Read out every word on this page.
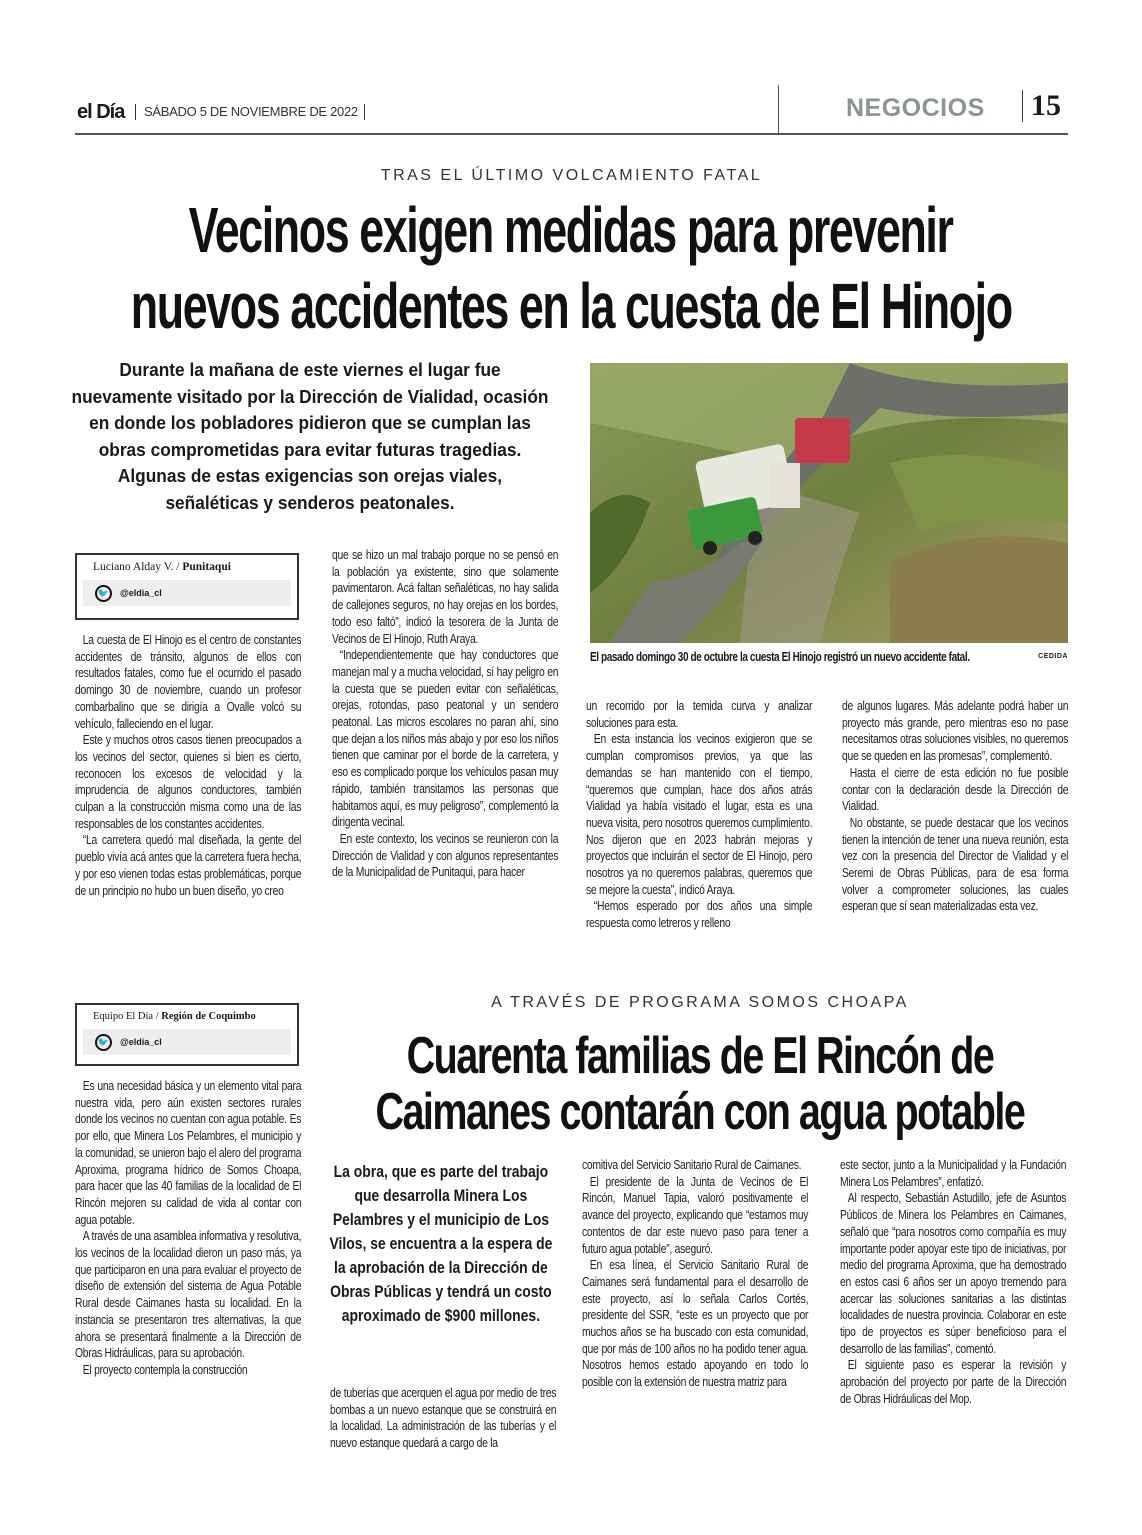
el Día	SÁBADO 5 DE NOVIEMBRE DE 2022	NEGOCIOS	15
TRAS EL ÚLTIMO VOLCAMIENTO FATAL
Vecinos exigen medidas para prevenir
nuevos accidentes en la cuesta de El Hinojo
Durante la mañana de este viernes el lugar fue nuevamente visitado por la Dirección de Vialidad, ocasión en donde los pobladores pidieron que se cumplan las obras comprometidas para evitar futuras tragedias. Algunas de estas exigencias son orejas viales, señaléticas y senderos peatonales.
El pasado domingo 30 de octubre la cuesta El Hinojo registró un nuevo accidente fatal.	CEDIDA
Luciano Alday V. / Punitaqui
🐦	@eldia_cl

La cuesta de El Hinojo es el centro de constantes accidentes de tránsito, algunos de ellos con resultados fatales, como fue el ocurrido el pasado domingo 30 de noviembre, cuando un profesor combarbalino que se dirigía a Ovalle volcó su vehículo, falleciendo en el lugar.

Este y muchos otros casos tienen preocupados a los vecinos del sector, quienes si bien es cierto, reconocen los excesos de velocidad y la imprudencia de algunos conductores, también culpan a la construcción misma como una de las responsables de los constantes accidentes.

“La carretera quedó mal diseñada, la gente del pueblo vivía acá antes que la carretera fuera hecha, y por eso vienen todas estas problemáticas, porque de un principio no hubo un buen diseño, yo creo

que se hizo un mal trabajo porque no se pensó en la población ya existente, sino que solamente pavimentaron. Acá faltan señaléticas, no hay salida de callejones seguros, no hay orejas en los bordes, todo eso faltó”, indicó la tesorera de la Junta de Vecinos de El Hinojo, Ruth Araya.

“Independientemente que hay conductores que manejan mal y a mucha velocidad, sí hay peligro en la cuesta que se pueden evitar con señaléticas, orejas, rotondas, paso peatonal y un sendero peatonal. Las micros escolares no paran ahí, sino que dejan a los niños más abajo y por eso los niños tienen que caminar por el borde de la carretera, y eso es complicado porque los vehículos pasan muy rápido, también transitamos las personas que habitamos aquí, es muy peligroso”, complementó la dirigenta vecinal.

En este contexto, los vecinos se reunieron con la Dirección de Vialidad y con algunos representantes de la Municipalidad de Punitaqui, para hacer

un recorrido por la temida curva y analizar soluciones para esta.

En esta instancia los vecinos exigieron que se cumplan compromisos previos, ya que las demandas se han mantenido con el tiempo, “queremos que cumplan, hace dos años atrás Vialidad ya había visitado el lugar, esta es una nueva visita, pero nosotros queremos cumplimiento. Nos dijeron que en 2023 habrán mejoras y proyectos que incluirán el sector de El Hinojo, pero nosotros ya no queremos palabras, queremos que se mejore la cuesta”, indicó Araya.

“Hemos esperado por dos años una simple respuesta como letreros y relleno

de algunos lugares. Más adelante podrá haber un proyecto más grande, pero mientras eso no pase necesitamos otras soluciones visibles, no queremos que se queden en las promesas”, complementó.

Hasta el cierre de esta edición no fue posible contar con la declaración desde la Dirección de Vialidad.

No obstante, se puede destacar que los vecinos tienen la intención de tener una nueva reunión, esta vez con la presencia del Director de Vialidad y el Seremi de Obras Públicas, para de esa forma volver a comprometer soluciones, las cuales esperan que sí sean materializadas esta vez.

Equipo El Día / Región de Coquimbo
🐦	@eldia_cl
A TRAVÉS DE PROGRAMA SOMOS CHOAPA
Cuarenta familias de El Rincón de
Caimanes contarán con agua potable

Es una necesidad básica y un elemento vital para nuestra vida, pero aún existen sectores rurales donde los vecinos no cuentan con agua potable. Es por ello, que Minera Los Pelambres, el municipio y la comunidad, se unieron bajo el alero del programa Aproxima, programa hídrico de Somos Choapa, para hacer que las 40 familias de la localidad de El Rincón mejoren su calidad de vida al contar con agua potable.

A través de una asamblea informativa y resolutiva, los vecinos de la localidad dieron un paso más, ya que participaron en una para evaluar el proyecto de diseño de extensión del sistema de Agua Potable Rural desde Caimanes hasta su localidad. En la instancia se presentaron tres alternativas, la que ahora se presentará finalmente a la Dirección de Obras Hidráulicas, para su aprobación.

El proyecto contempla la construcción

La obra, que es parte del trabajo que desarrolla Minera Los Pelambres y el municipio de Los Vilos, se encuentra a la espera de la aprobación de la Dirección de Obras Públicas y tendrá un costo aproximado de $900 millones.

de tuberías que acerquen el agua por medio de tres bombas a un nuevo estanque que se construirá en la localidad. La administración de las tuberías y el nuevo estanque quedará a cargo de la

comitiva del Servicio Sanitario Rural de Caimanes.

El presidente de la Junta de Vecinos de El Rincón, Manuel Tapia, valoró positivamente el avance del proyecto, explicando que “estamos muy contentos de dar este nuevo paso para tener a futuro agua potable”, aseguró.

En esa línea, el Servicio Sanitario Rural de Caimanes será fundamental para el desarrollo de este proyecto, así lo señala Carlos Cortés, presidente del SSR, “este es un proyecto que por muchos años se ha buscado con esta comunidad, que por más de 100 años no ha podido tener agua. Nosotros hemos estado apoyando en todo lo posible con la extensión de nuestra matriz para

este sector, junto a la Municipalidad y la Fundación Minera Los Pelambres”, enfatizó.

Al respecto, Sebastián Astudillo, jefe de Asuntos Públicos de Minera los Pelambres en Caimanes, señaló que “para nosotros como compañía es muy importante poder apoyar este tipo de iniciativas, por medio del programa Aproxima, que ha demostrado en estos casi 6 años ser un apoyo tremendo para acercar las soluciones sanitarias a las distintas localidades de nuestra provincia. Colaborar en este tipo de proyectos es súper beneficioso para el desarrollo de las familias”, comentó.

El siguiente paso es esperar la revisión y aprobación del proyecto por parte de la Dirección de Obras Hidráulicas del Mop.
